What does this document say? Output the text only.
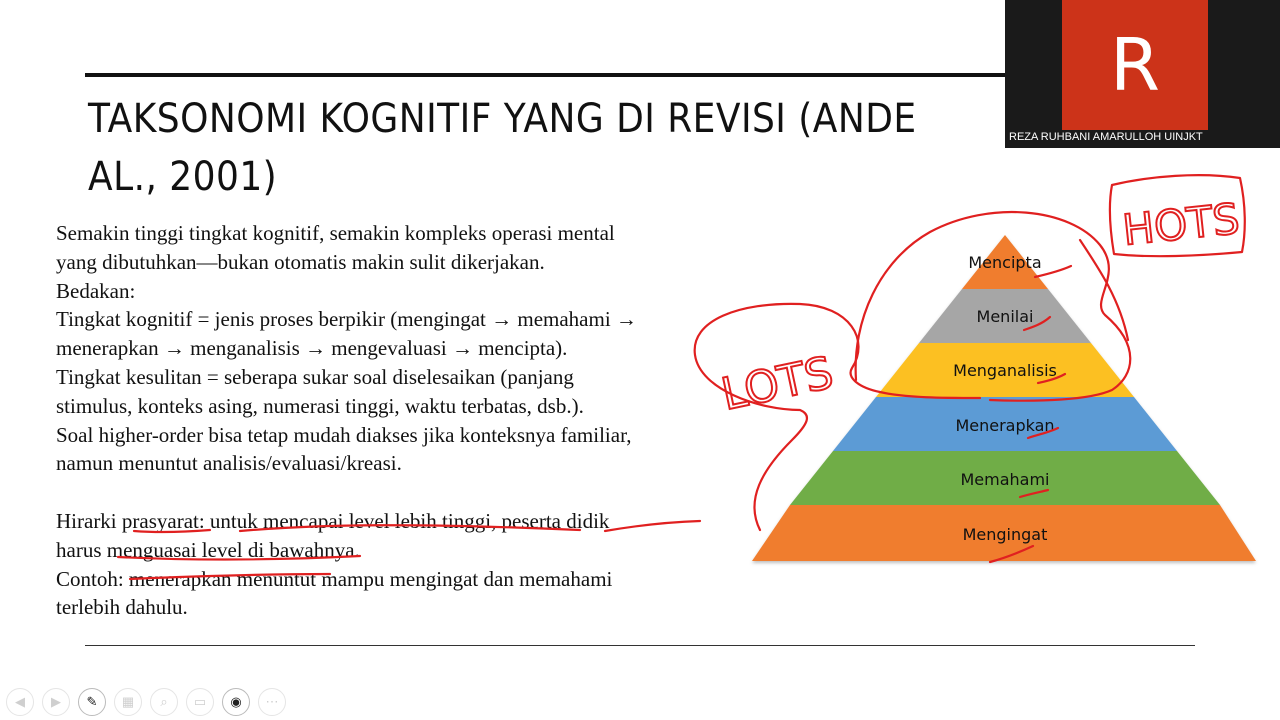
TAKSONOMI KOGNITIF YANG DI REVISI (ANDE
AL., 2001)
Semakin tinggi tingkat kognitif, semakin kompleks operasi mental
yang dibutuhkan—bukan otomatis makin sulit dikerjakan.
Bedakan:
Tingkat kognitif = jenis proses berpikir (mengingat → memahami →
menerapkan → menganalisis → mengevaluasi → mencipta).
Tingkat kesulitan = seberapa sukar soal diselesaikan (panjang
stimulus, konteks asing, numerasi tinggi, waktu terbatas, dsb.).
Soal higher-order bisa tetap mudah diakses jika konteksnya familiar,
namun menuntut analisis/evaluasi/kreasi.
Hirarki prasyarat: untuk mencapai level lebih tinggi, peserta didik
harus menguasai level di bawahnya.
Contoh: menerapkan menuntut mampu mengingat dan memahami
terlebih dahulu.
Mencipta
Menilai
Menganalisis
Menerapkan
Memahami
Mengingat
LOTS
HOTS
R
REZA RUHBANI AMARULLOH UINJKT
◀	▶	✎	▦	⌕	▭	◉	⋯
